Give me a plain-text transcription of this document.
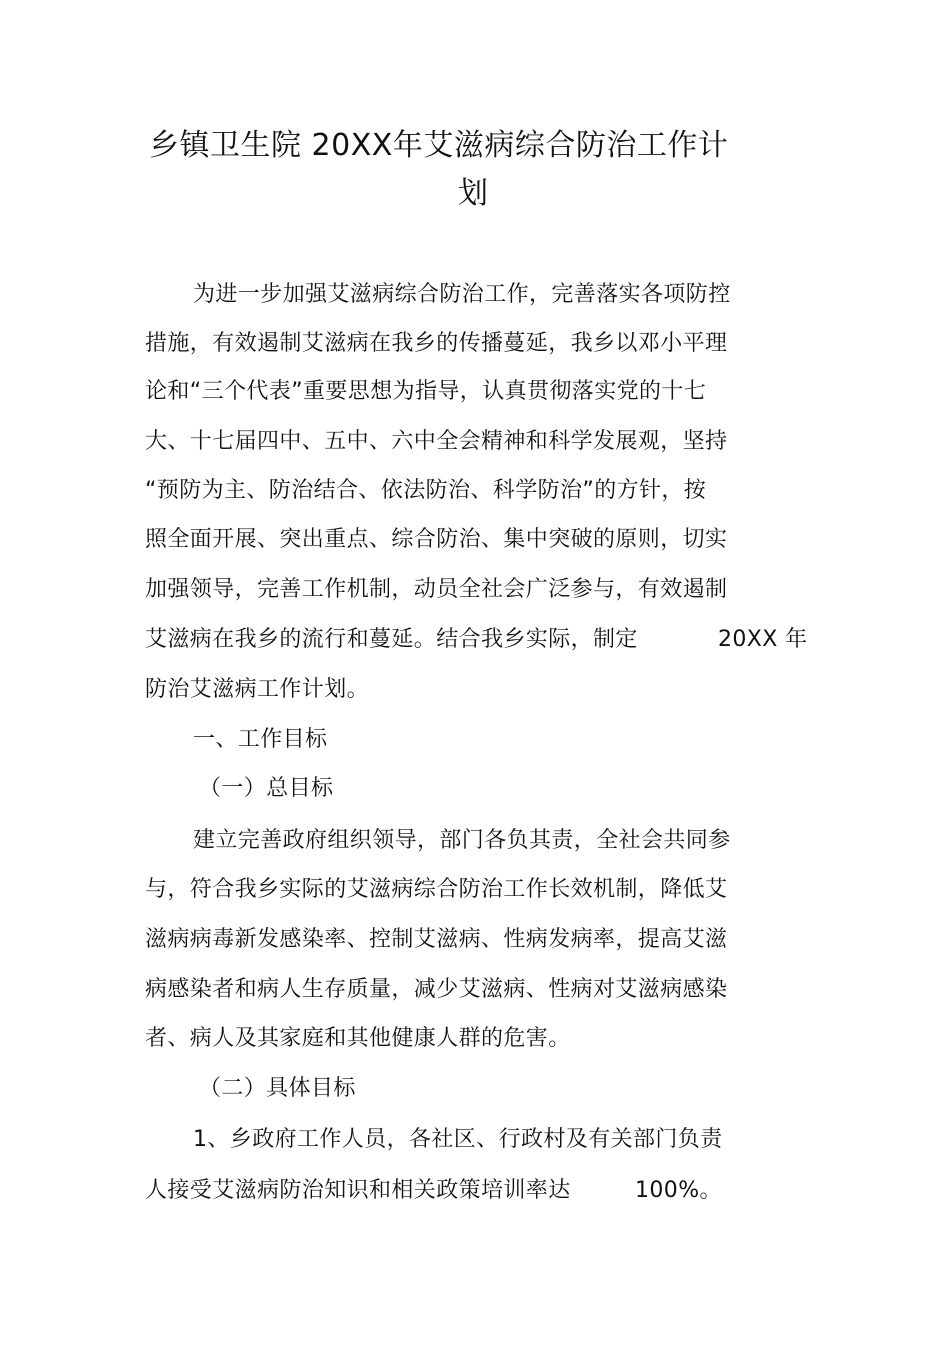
乡镇卫生院 20XX年艾滋病综合防治工作计
划
为进一步加强艾滋病综合防治工作，完善落实各项防控
措施，有效遏制艾滋病在我乡的传播蔓延，我乡以邓小平理
论和“三个代表”重要思想为指导，认真贯彻落实党的十七
大、十七届四中、五中、六中全会精神和科学发展观，坚持
“预防为主、防治结合、依法防治、科学防治”的方针，按
照全面开展、突出重点、综合防治、集中突破的原则，切实
加强领导，完善工作机制，动员全社会广泛参与，有效遏制
艾滋病在我乡的流行和蔓延。结合我乡实际，制定	20XX 年
防治艾滋病工作计划。
一、工作目标
（一）总目标
建立完善政府组织领导，部门各负其责，全社会共同参
与，符合我乡实际的艾滋病综合防治工作长效机制，降低艾
滋病病毒新发感染率、控制艾滋病、性病发病率，提高艾滋
病感染者和病人生存质量，减少艾滋病、性病对艾滋病感染
者、病人及其家庭和其他健康人群的危害。
（二）具体目标
1、乡政府工作人员，各社区、行政村及有关部门负责
人接受艾滋病防治知识和相关政策培训率达	100%。
